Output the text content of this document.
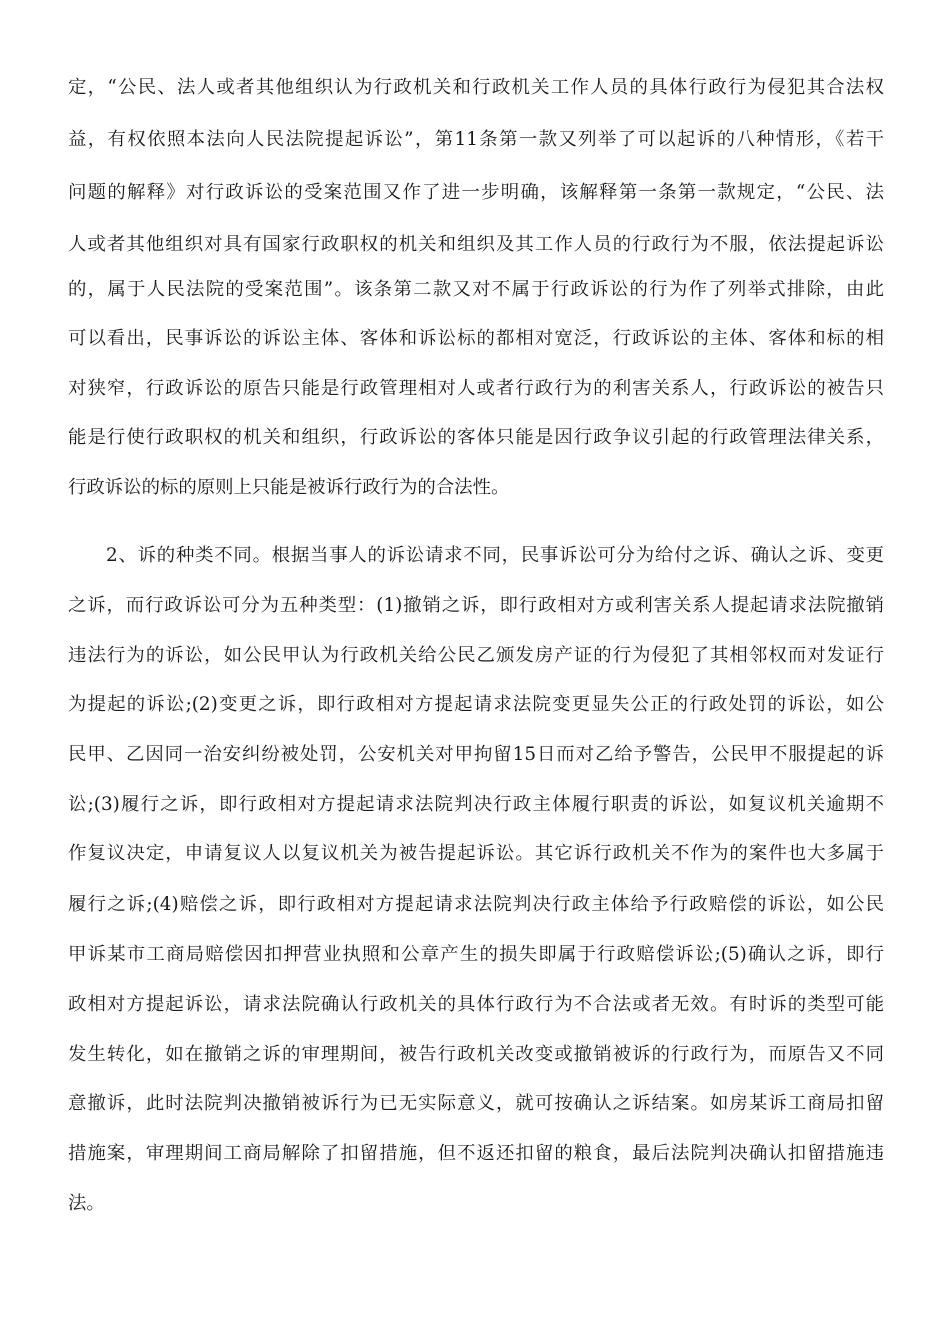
定，“公民、法人或者其他组织认为行政机关和行政机关工作人员的具体行政行为侵犯其合法权
益，有权依照本法向人民法院提起诉讼”，第11条第一款又列举了可以起诉的八种情形，《若干
问题的解释》对行政诉讼的受案范围又作了进一步明确，该解释第一条第一款规定，“公民、法
人或者其他组织对具有国家行政职权的机关和组织及其工作人员的行政行为不服，依法提起诉讼
的，属于人民法院的受案范围”。该条第二款又对不属于行政诉讼的行为作了列举式排除，由此
可以看出，民事诉讼的诉讼主体、客体和诉讼标的都相对宽泛，行政诉讼的主体、客体和标的相
对狭窄，行政诉讼的原告只能是行政管理相对人或者行政行为的利害关系人，行政诉讼的被告只
能是行使行政职权的机关和组织，行政诉讼的客体只能是因行政争议引起的行政管理法律关系，
行政诉讼的标的原则上只能是被诉行政行为的合法性。
2、诉的种类不同。根据当事人的诉讼请求不同，民事诉讼可分为给付之诉、确认之诉、变更
之诉，而行政诉讼可分为五种类型：(1)撤销之诉，即行政相对方或利害关系人提起请求法院撤销
违法行为的诉讼，如公民甲认为行政机关给公民乙颁发房产证的行为侵犯了其相邻权而对发证行
为提起的诉讼;(2)变更之诉，即行政相对方提起请求法院变更显失公正的行政处罚的诉讼，如公
民甲、乙因同一治安纠纷被处罚，公安机关对甲拘留15日而对乙给予警告，公民甲不服提起的诉
讼;(3)履行之诉，即行政相对方提起请求法院判决行政主体履行职责的诉讼，如复议机关逾期不
作复议决定，申请复议人以复议机关为被告提起诉讼。其它诉行政机关不作为的案件也大多属于
履行之诉;(4)赔偿之诉，即行政相对方提起请求法院判决行政主体给予行政赔偿的诉讼，如公民
甲诉某市工商局赔偿因扣押营业执照和公章产生的损失即属于行政赔偿诉讼;(5)确认之诉，即行
政相对方提起诉讼，请求法院确认行政机关的具体行政行为不合法或者无效。有时诉的类型可能
发生转化，如在撤销之诉的审理期间，被告行政机关改变或撤销被诉的行政行为，而原告又不同
意撤诉，此时法院判决撤销被诉行为已无实际意义，就可按确认之诉结案。如房某诉工商局扣留
措施案，审理期间工商局解除了扣留措施，但不返还扣留的粮食，最后法院判决确认扣留措施违
法。
